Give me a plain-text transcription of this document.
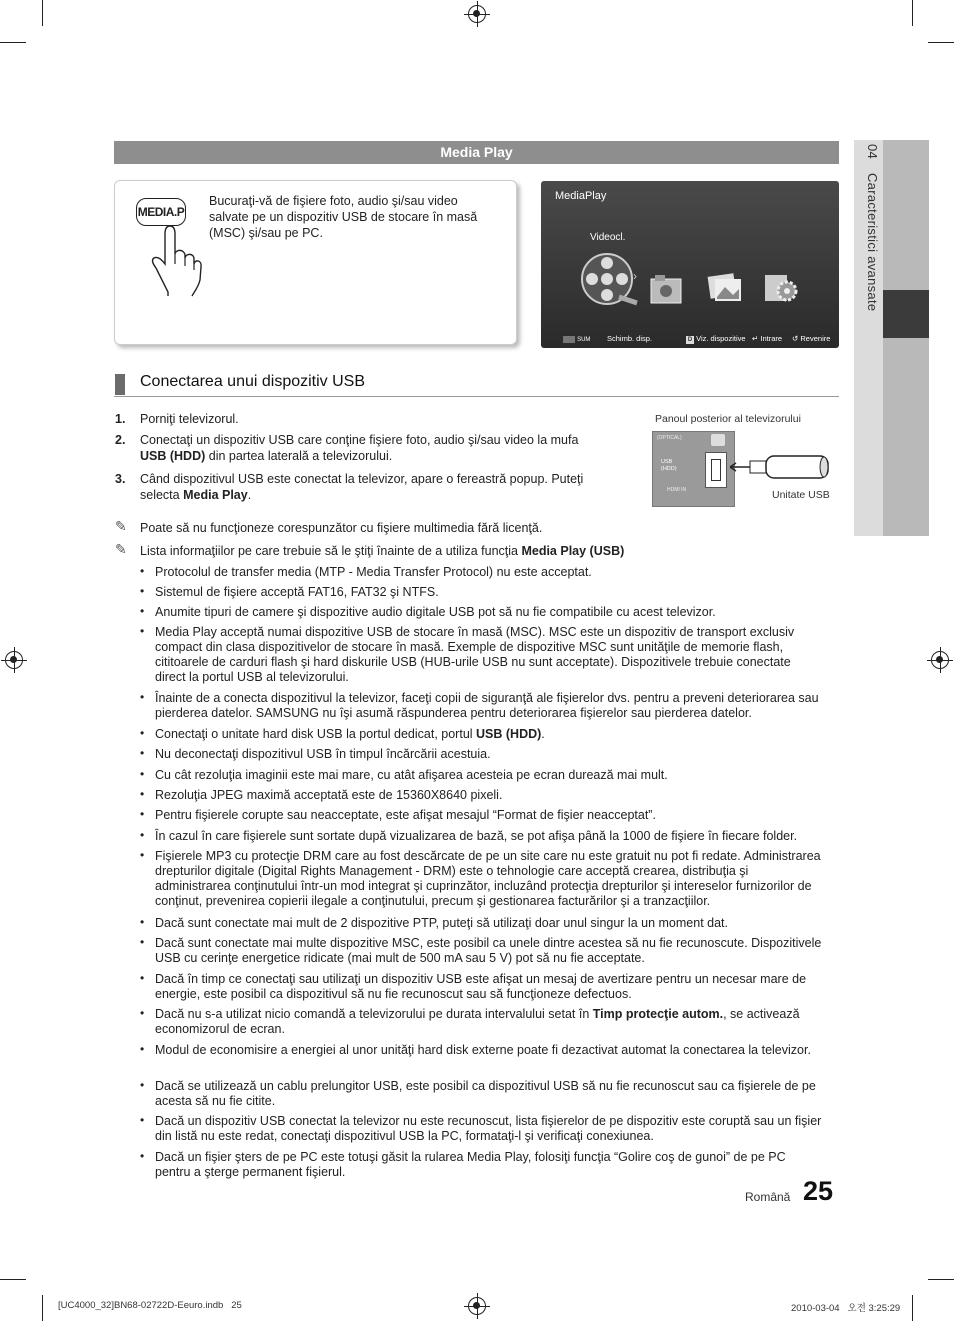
Media Play	04 Caracteristici avansate
MEDIA.P
Bucuraţi-vă de fişiere foto, audio şi/sau video salvate pe un dispozitiv USB de stocare în masă (MSC) şi/sau pe PC.
MediaPlay
Videocl.
›
SUM Schimb. disp.	D Viz. dispozitive ↵ Intrare ↺ Revenire
Conectarea unui dispozitiv USB
1. Porniţi televizorul.
2. Conectaţi un dispozitiv USB care conţine fişiere foto, audio şi/sau video la mufa USB (HDD) din partea laterală a televizorului.
3. Când dispozitivul USB este conectat la televizor, apare o fereastră popup. Puteţi selecta Media Play.
Panoul posterior al televizorului
(OPTICAL)
USB (HDD)
HDMI IN	Unitate USB
✎ Poate să nu funcţioneze corespunzător cu fişiere multimedia fără licenţă.
✎ Lista informaţiilor pe care trebuie să le ştiţi înainte de a utiliza funcţia Media Play (USB)
• Protocolul de transfer media (MTP - Media Transfer Protocol) nu este acceptat.
• Sistemul de fişiere acceptă FAT16, FAT32 şi NTFS.
• Anumite tipuri de camere şi dispozitive audio digitale USB pot să nu fie compatibile cu acest televizor.
• Media Play acceptă numai dispozitive USB de stocare în masă (MSC). MSC este un dispozitiv de transport exclusiv compact din clasa dispozitivelor de stocare în masă. Exemple de dispozitive MSC sunt unităţile de memorie flash, cititoarele de carduri flash şi hard diskurile USB (HUB-urile USB nu sunt acceptate). Dispozitivele trebuie conectate direct la portul USB al televizorului.
• Înainte de a conecta dispozitivul la televizor, faceţi copii de siguranţă ale fişierelor dvs. pentru a preveni deteriorarea sau pierderea datelor. SAMSUNG nu îşi asumă răspunderea pentru deteriorarea fişierelor sau pierderea datelor.
• Conectaţi o unitate hard disk USB la portul dedicat, portul USB (HDD).
• Nu deconectaţi dispozitivul USB în timpul încărcării acestuia.
• Cu cât rezoluţia imaginii este mai mare, cu atât afişarea acesteia pe ecran durează mai mult.
• Rezoluţia JPEG maximă acceptată este de 15360X8640 pixeli.
• Pentru fişierele corupte sau neacceptate, este afişat mesajul “Format de fişier neacceptat”.
• În cazul în care fişierele sunt sortate după vizualizarea de bază, se pot afişa până la 1000 de fişiere în fiecare folder.
• Fişierele MP3 cu protecţie DRM care au fost descărcate de pe un site care nu este gratuit nu pot fi redate. Administrarea drepturilor digitale (Digital Rights Management - DRM) este o tehnologie care acceptă crearea, distribuţia şi administrarea conţinutului într-un mod integrat şi cuprinzător, incluzând protecţia drepturilor şi intereselor furnizorilor de conţinut, prevenirea copierii ilegale a conţinutului, precum şi gestionarea facturărilor şi a tranzacţiilor.
• Dacă sunt conectate mai mult de 2 dispozitive PTP, puteţi să utilizaţi doar unul singur la un moment dat.
• Dacă sunt conectate mai multe dispozitive MSC, este posibil ca unele dintre acestea să nu fie recunoscute. Dispozitivele USB cu cerinţe energetice ridicate (mai mult de 500 mA sau 5 V) pot să nu fie acceptate.
• Dacă în timp ce conectaţi sau utilizaţi un dispozitiv USB este afişat un mesaj de avertizare pentru un necesar mare de energie, este posibil ca dispozitivul să nu fie recunoscut sau să funcţioneze defectuos.
• Dacă nu s-a utilizat nicio comandă a televizorului pe durata intervalului setat în Timp protecţie autom., se activează economizorul de ecran.
• Modul de economisire a energiei al unor unităţi hard disk externe poate fi dezactivat automat la conectarea la televizor.
• Dacă se utilizează un cablu prelungitor USB, este posibil ca dispozitivul USB să nu fie recunoscut sau ca fişierele de pe acesta să nu fie citite.
• Dacă un dispozitiv USB conectat la televizor nu este recunoscut, lista fişierelor de pe dispozitiv este coruptă sau un fişier din listă nu este redat, conectaţi dispozitivul USB la PC, formataţi-l şi verificaţi conexiunea.
• Dacă un fişier şters de pe PC este totuşi găsit la rularea Media Play, folosiţi funcţia “Golire coş de gunoi” de pe PC pentru a şterge permanent fişierul.
Română 25
[UC4000_32]BN68-02722D-Eeuro.indb   25	2010-03-04   오전 3:25:29
